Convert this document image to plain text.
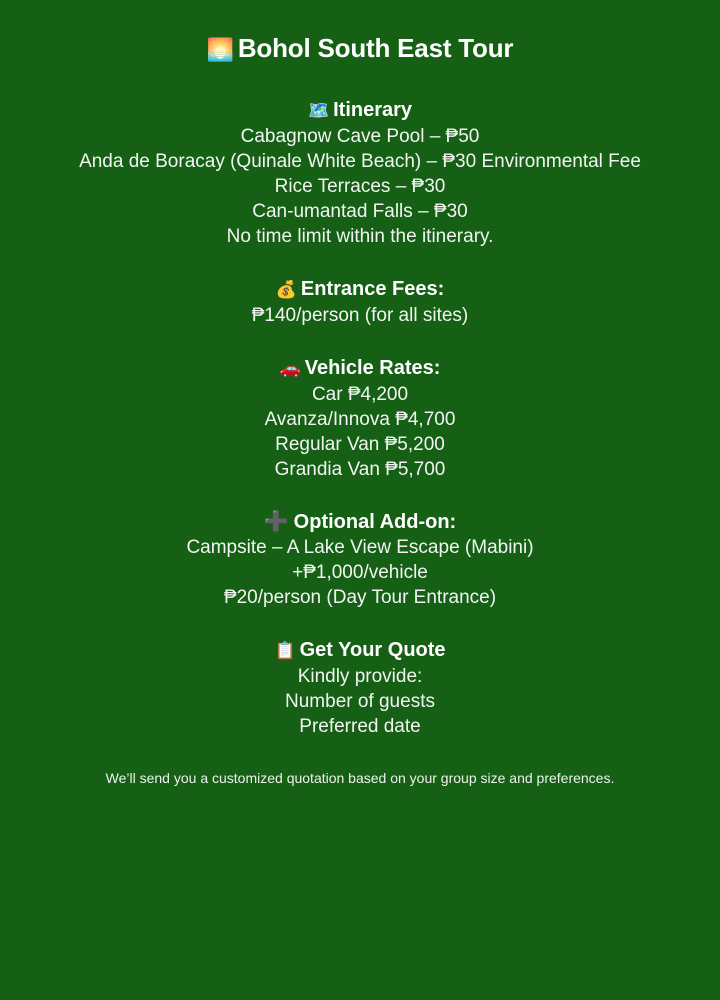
🌅 Bohol South East Tour
🗺️ Itinerary

Cabagnow Cave Pool – ₱50

Anda de Boracay (Quinale White Beach) – ₱30 Environmental Fee

Rice Terraces – ₱30

Can-umantad Falls – ₱30

No time limit within the itinerary.

💰 Entrance Fees:

₱140/person (for all sites)

🚗 Vehicle Rates:

Car ₱4,200

Avanza/Innova ₱4,700

Regular Van ₱5,200

Grandia Van ₱5,700

➕ Optional Add-on:

Campsite – A Lake View Escape (Mabini)

+₱1,000/vehicle

₱20/person (Day Tour Entrance)

📋 Get Your Quote

Kindly provide:

Number of guests

Preferred date

We’ll send you a customized quotation based on your group size and preferences.
